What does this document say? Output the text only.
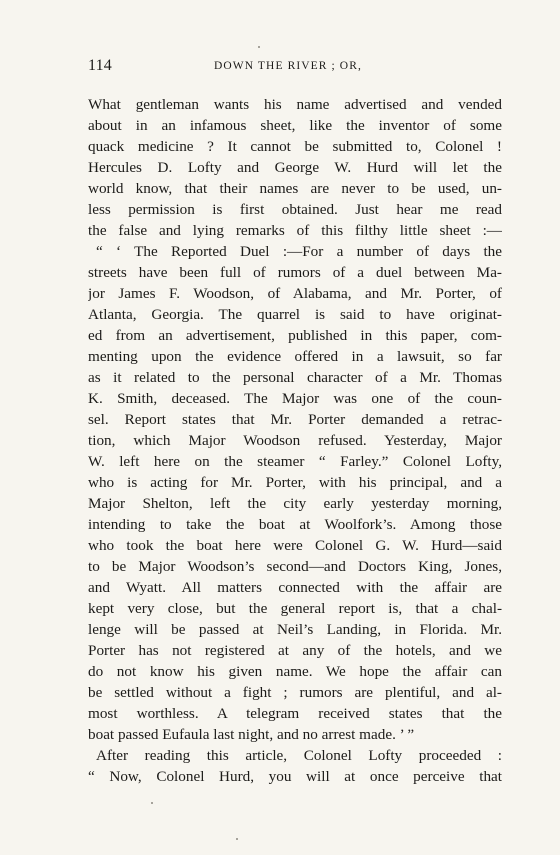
114	DOWN THE RIVER ; OR,
What gentleman wants his name advertised and vended
about in an infamous sheet, like the inventor of some
quack medicine ? It cannot be submitted to, Colonel !
Hercules D. Lofty and George W. Hurd will let the
world know, that their names are never to be used, un-
less permission is first obtained. Just hear me read
the false and lying remarks of this filthy little sheet :—
“ ‘ The Reported Duel :—For a number of days the
streets have been full of rumors of a duel between Ma-
jor James F. Woodson, of Alabama, and Mr. Porter, of
Atlanta, Georgia. The quarrel is said to have originat-
ed from an advertisement, published in this paper, com-
menting upon the evidence offered in a lawsuit, so far
as it related to the personal character of a Mr. Thomas
K. Smith, deceased. The Major was one of the coun-
sel. Report states that Mr. Porter demanded a retrac-
tion, which Major Woodson refused. Yesterday, Major
W. left here on the steamer “ Farley.” Colonel Lofty,
who is acting for Mr. Porter, with his principal, and a
Major Shelton, left the city early yesterday morning,
intending to take the boat at Woolfork’s. Among those
who took the boat here were Colonel G. W. Hurd—said
to be Major Woodson’s second—and Doctors King, Jones,
and Wyatt. All matters connected with the affair are
kept very close, but the general report is, that a chal-
lenge will be passed at Neil’s Landing, in Florida. Mr.
Porter has not registered at any of the hotels, and we
do not know his given name. We hope the affair can
be settled without a fight ; rumors are plentiful, and al-
most worthless. A telegram received states that the
boat passed Eufaula last night, and no arrest made. ’ ”
After reading this article, Colonel Lofty proceeded :
“ Now, Colonel Hurd, you will at once perceive that
